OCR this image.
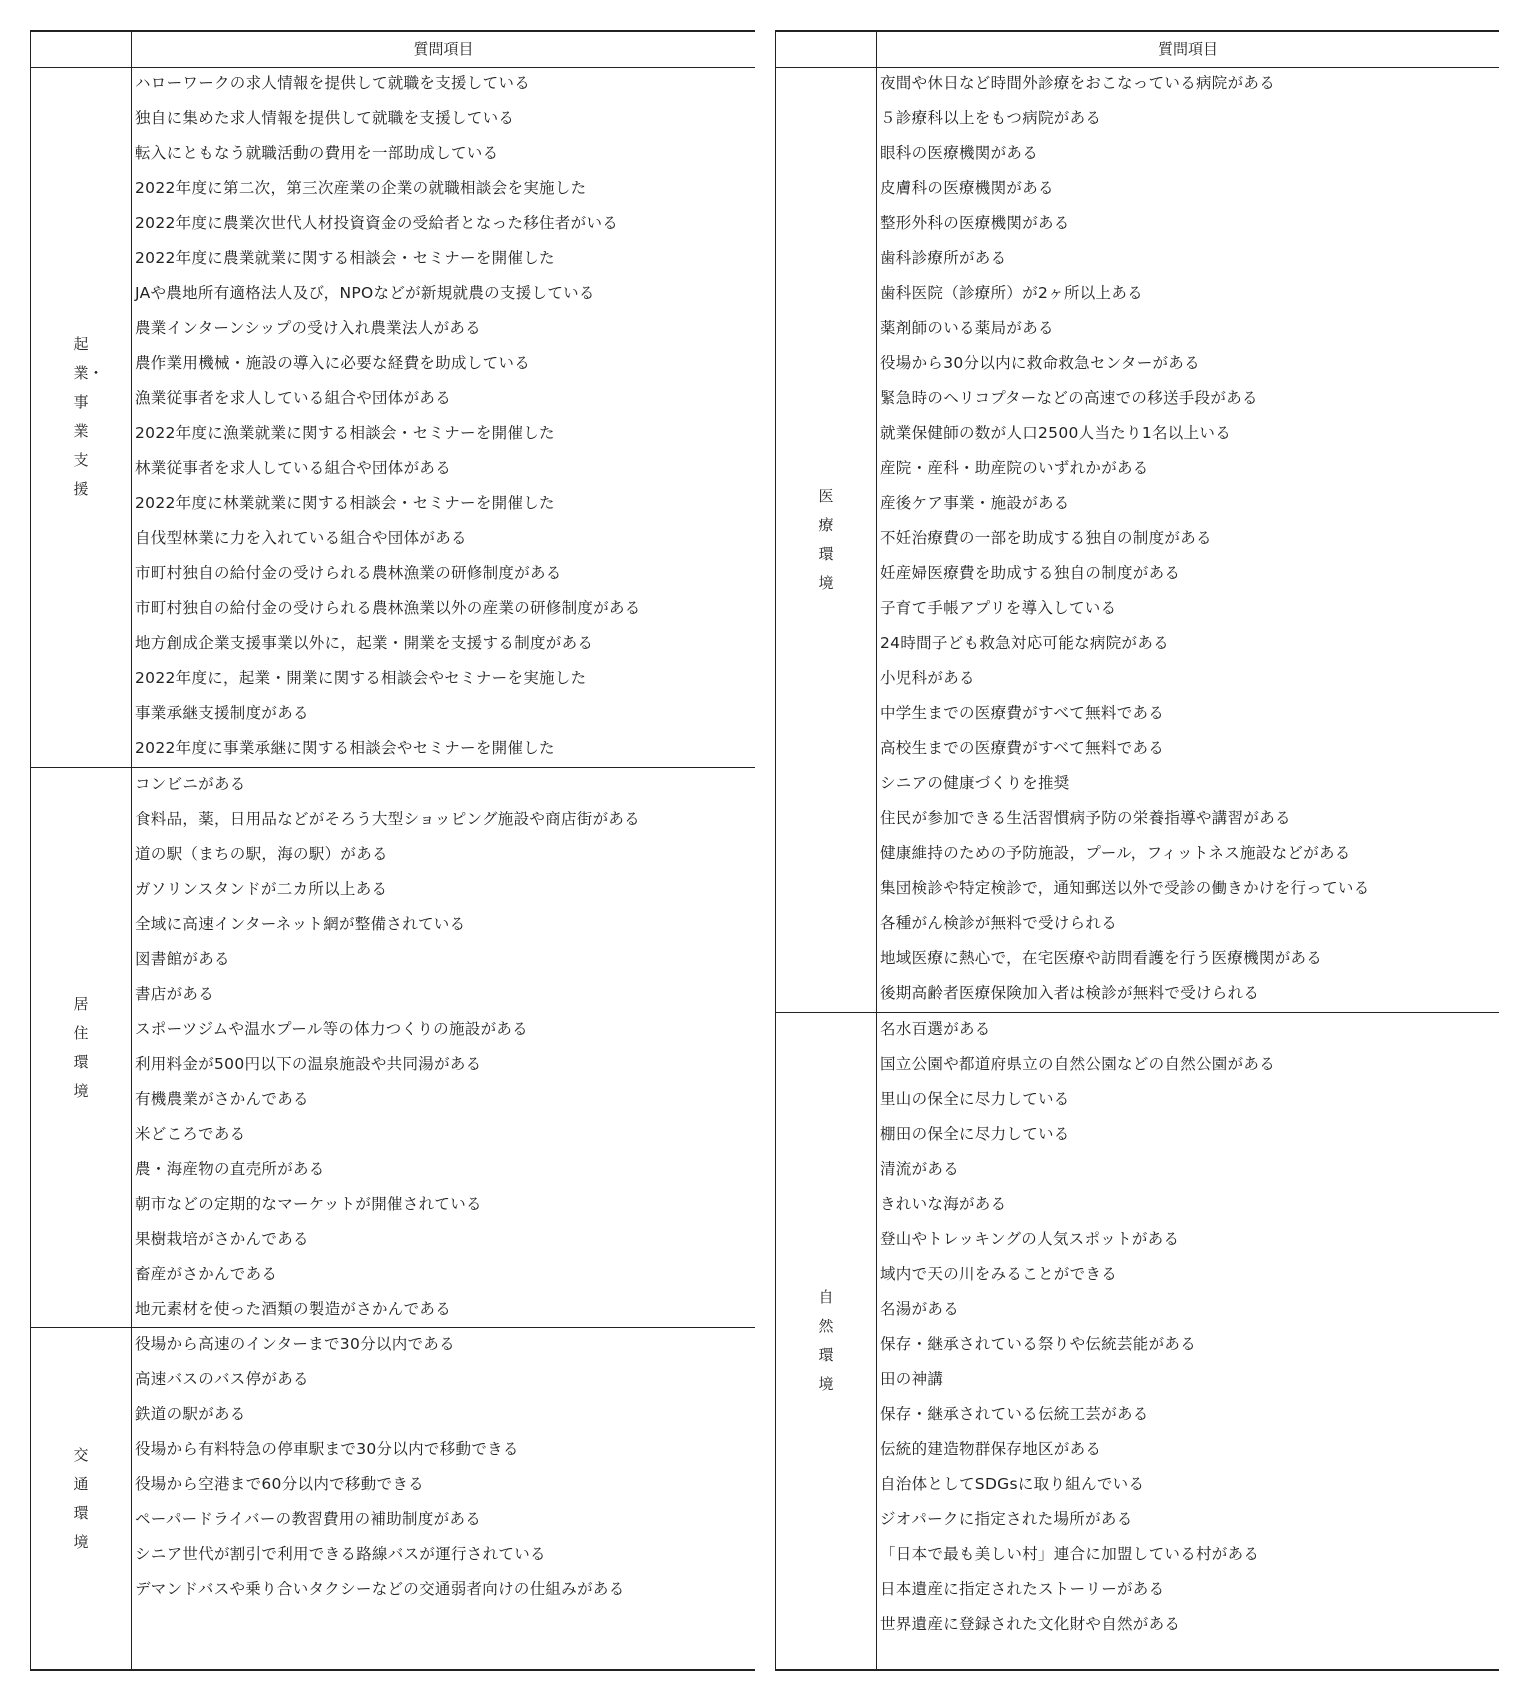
質問項目
起業・事業支援
ハローワークの求人情報を提供して就職を支援している
独自に集めた求人情報を提供して就職を支援している
転入にともなう就職活動の費用を一部助成している
2022年度に第二次，第三次産業の企業の就職相談会を実施した
2022年度に農業次世代人材投資資金の受給者となった移住者がいる
2022年度に農業就業に関する相談会・セミナーを開催した
JAや農地所有適格法人及び，NPOなどが新規就農の支援している
農業インターンシップの受け入れ農業法人がある
農作業用機械・施設の導入に必要な経費を助成している
漁業従事者を求人している組合や団体がある
2022年度に漁業就業に関する相談会・セミナーを開催した
林業従事者を求人している組合や団体がある
2022年度に林業就業に関する相談会・セミナーを開催した
自伐型林業に力を入れている組合や団体がある
市町村独自の給付金の受けられる農林漁業の研修制度がある
市町村独自の給付金の受けられる農林漁業以外の産業の研修制度がある
地方創成企業支援事業以外に，起業・開業を支援する制度がある
2022年度に，起業・開業に関する相談会やセミナーを実施した
事業承継支援制度がある
2022年度に事業承継に関する相談会やセミナーを開催した
居住環境
コンビニがある
食料品，薬，日用品などがそろう大型ショッピング施設や商店街がある
道の駅（まちの駅，海の駅）がある
ガソリンスタンドが二カ所以上ある
全域に高速インターネット網が整備されている
図書館がある
書店がある
スポーツジムや温水プール等の体力つくりの施設がある
利用料金が500円以下の温泉施設や共同湯がある
有機農業がさかんである
米どころである
農・海産物の直売所がある
朝市などの定期的なマーケットが開催されている
果樹栽培がさかんである
畜産がさかんである
地元素材を使った酒類の製造がさかんである
交通環境
役場から高速のインターまで30分以内である
高速バスのバス停がある
鉄道の駅がある
役場から有料特急の停車駅まで30分以内で移動できる
役場から空港まで60分以内で移動できる
ペーパードライバーの教習費用の補助制度がある
シニア世代が割引で利用できる路線バスが運行されている
デマンドバスや乗り合いタクシーなどの交通弱者向けの仕組みがある
質問項目
医療環境
夜間や休日など時間外診療をおこなっている病院がある
５診療科以上をもつ病院がある
眼科の医療機関がある
皮膚科の医療機関がある
整形外科の医療機関がある
歯科診療所がある
歯科医院（診療所）が2ヶ所以上ある
薬剤師のいる薬局がある
役場から30分以内に救命救急センターがある
緊急時のヘリコプターなどの高速での移送手段がある
就業保健師の数が人口2500人当たり1名以上いる
産院・産科・助産院のいずれかがある
産後ケア事業・施設がある
不妊治療費の一部を助成する独自の制度がある
妊産婦医療費を助成する独自の制度がある
子育て手帳アプリを導入している
24時間子ども救急対応可能な病院がある
小児科がある
中学生までの医療費がすべて無料である
高校生までの医療費がすべて無料である
シニアの健康づくりを推奨
住民が参加できる生活習慣病予防の栄養指導や講習がある
健康維持のための予防施設，プール，フィットネス施設などがある
集団検診や特定検診で，通知郵送以外で受診の働きかけを行っている
各種がん検診が無料で受けられる
地域医療に熱心で，在宅医療や訪問看護を行う医療機関がある
後期高齢者医療保険加入者は検診が無料で受けられる
自然環境
名水百選がある
国立公園や都道府県立の自然公園などの自然公園がある
里山の保全に尽力している
棚田の保全に尽力している
清流がある
きれいな海がある
登山やトレッキングの人気スポットがある
域内で天の川をみることができる
名湯がある
保存・継承されている祭りや伝統芸能がある
田の神講
保存・継承されている伝統工芸がある
伝統的建造物群保存地区がある
自治体としてSDGsに取り組んでいる
ジオパークに指定された場所がある
「日本で最も美しい村」連合に加盟している村がある
日本遺産に指定されたストーリーがある
世界遺産に登録された文化財や自然がある
